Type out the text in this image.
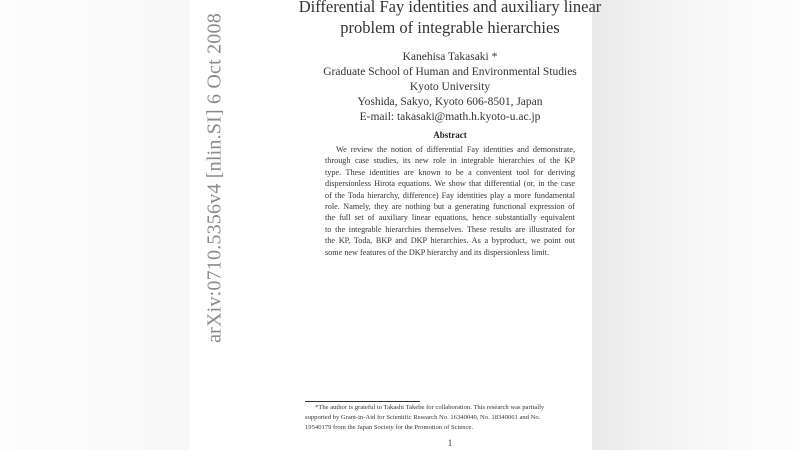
arXiv:0710.5356v4 [nlin.SI] 6 Oct 2008
Differential Fay identities and auxiliary linear
problem of integrable hierarchies
Kanehisa Takasaki *
Graduate School of Human and Environmental Studies
Kyoto University
Yoshida, Sakyo, Kyoto 606-8501, Japan
E-mail: takasaki@math.h.kyoto-u.ac.jp
Abstract
We review the notion of differential Fay identities and demonstrate,
through case studies, its new role in integrable hierarchies of the KP
type. These identities are known to be a convenient tool for deriving
dispersionless Hirota equations. We show that differential (or, in the case
of the Toda hierarchy, difference) Fay identities play a more fundamental
role. Namely, they are nothing but a generating functional expression of
the full set of auxiliary linear equations, hence substantially equivalent
to the integrable hierarchies themselves. These results are illustrated for
the KP, Toda, BKP and DKP hierarchies. As a byproduct, we point out
some new features of the DKP hierarchy and its dispersionless limit.
*The author is grateful to Takashi Takebe for collaboration. This research was partially
supported by Grant-in-Aid for Scientific Research No. 16340040, No. 18340061 and No.
19540179 from the Japan Society for the Promotion of Science.
1
